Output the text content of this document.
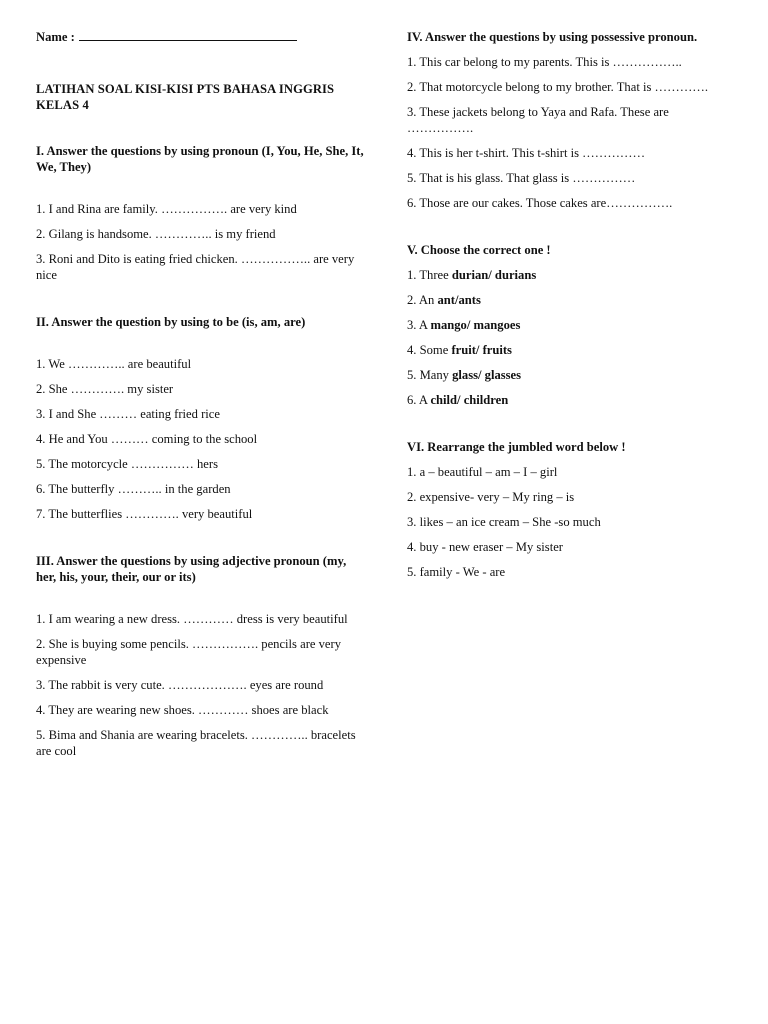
Name :

LATIHAN SOAL KISI-KISI PTS BAHASA INGGRIS KELAS 4

I. Answer the questions by using pronoun (I, You, He, She, It, We, They)

1. I and Rina are family. ……………. are very kind

2. Gilang is handsome. ………….. is my friend

3. Roni and Dito is eating fried chicken. …………….. are very nice

II. Answer the question by using to be (is, am, are)

1. We ………….. are beautiful

2. She …………. my sister

3. I and She ……… eating fried rice

4. He and You ……… coming to the school

5. The motorcycle …………… hers

6. The butterfly ……….. in the garden

7. The butterflies …………. very beautiful

III. Answer the questions by using adjective pronoun (my, her, his, your, their, our or its)

1. I am wearing a new dress. ………… dress is very beautiful

2. She is buying some pencils. ……………. pencils are very expensive

3. The rabbit is very cute. ………………. eyes are round

4. They are wearing new shoes. ………… shoes are black

5. Bima and Shania are wearing bracelets. ………….. bracelets are cool

IV. Answer the questions by using possessive pronoun.

1. This car belong to my parents. This is ……………..

2. That motorcycle belong to my brother. That is ………….

3. These jackets belong to Yaya and Rafa. These are …………….

4. This is her t-shirt. This t-shirt is ……………

5. That is his glass. That glass is ……………

6. Those are our cakes. Those cakes are…………….

V. Choose the correct one !

1. Three durian/ durians

2. An ant/ants

3. A mango/ mangoes

4. Some fruit/ fruits

5. Many glass/ glasses

6. A child/ children

VI. Rearrange the jumbled word below !

1. a – beautiful – am – I – girl

2. expensive- very – My ring – is

3. likes – an ice cream – She -so much

4. buy - new eraser – My sister

5. family - We - are
